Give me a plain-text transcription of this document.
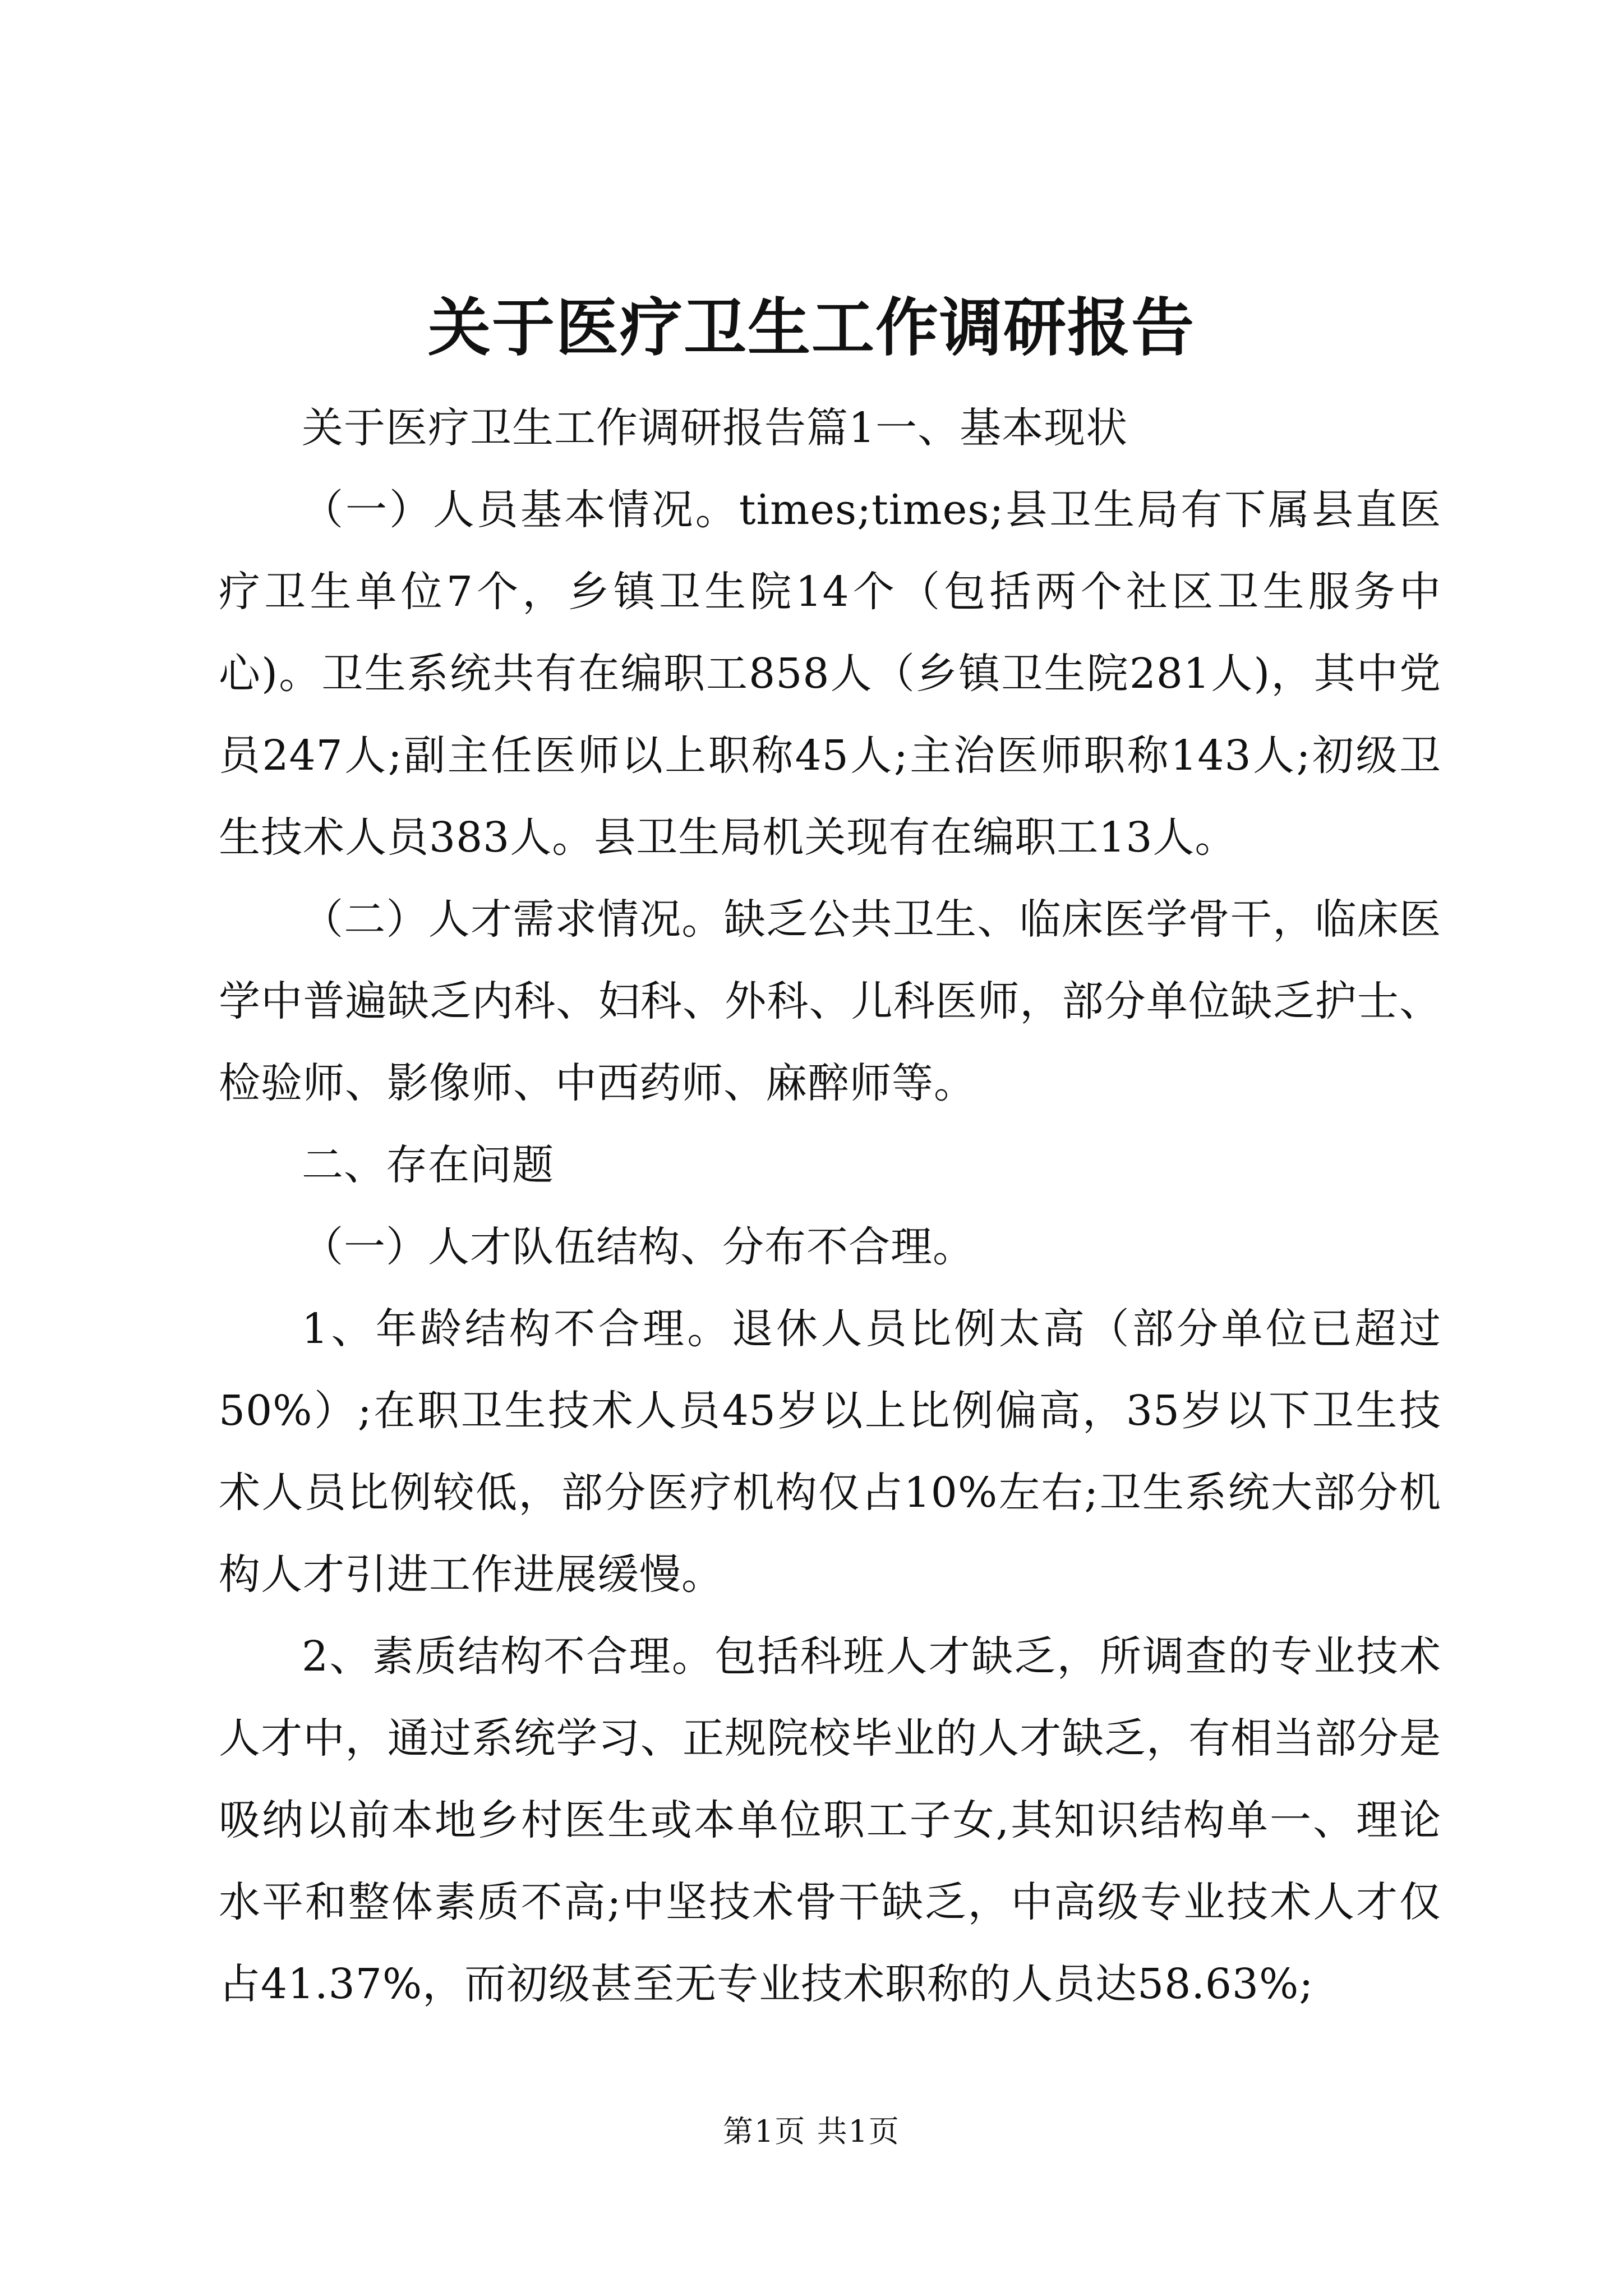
关于医疗卫生工作调研报告

关于医疗卫生工作调研报告篇1一、基本现状

（一）人员基本情况。times;times;县卫生局有下属县直医疗卫生单位7个，乡镇卫生院14个（包括两个社区卫生服务中心)。卫生系统共有在编职工858人（乡镇卫生院281人)，其中党员247人;副主任医师以上职称45人;主治医师职称143人;初级卫生技术人员383人。县卫生局机关现有在编职工13人。

（二）人才需求情况。缺乏公共卫生、临床医学骨干，临床医学中普遍缺乏内科、妇科、外科、儿科医师，部分单位缺乏护士、检验师、影像师、中西药师、麻醉师等。

二、存在问题

（一）人才队伍结构、分布不合理。

1、年龄结构不合理。退休人员比例太高（部分单位已超过50%）;在职卫生技术人员45岁以上比例偏高，35岁以下卫生技术人员比例较低，部分医疗机构仅占10%左右;卫生系统大部分机构人才引进工作进展缓慢。

2、素质结构不合理。包括科班人才缺乏，所调查的专业技术人才中，通过系统学习、正规院校毕业的人才缺乏，有相当部分是吸纳以前本地乡村医生或本单位职工子女,其知识结构单一、理论水平和整体素质不高;中坚技术骨干缺乏，中高级专业技术人才仅占41.37%，而初级甚至无专业技术职称的人员达58.63%;

第1页 共1页
